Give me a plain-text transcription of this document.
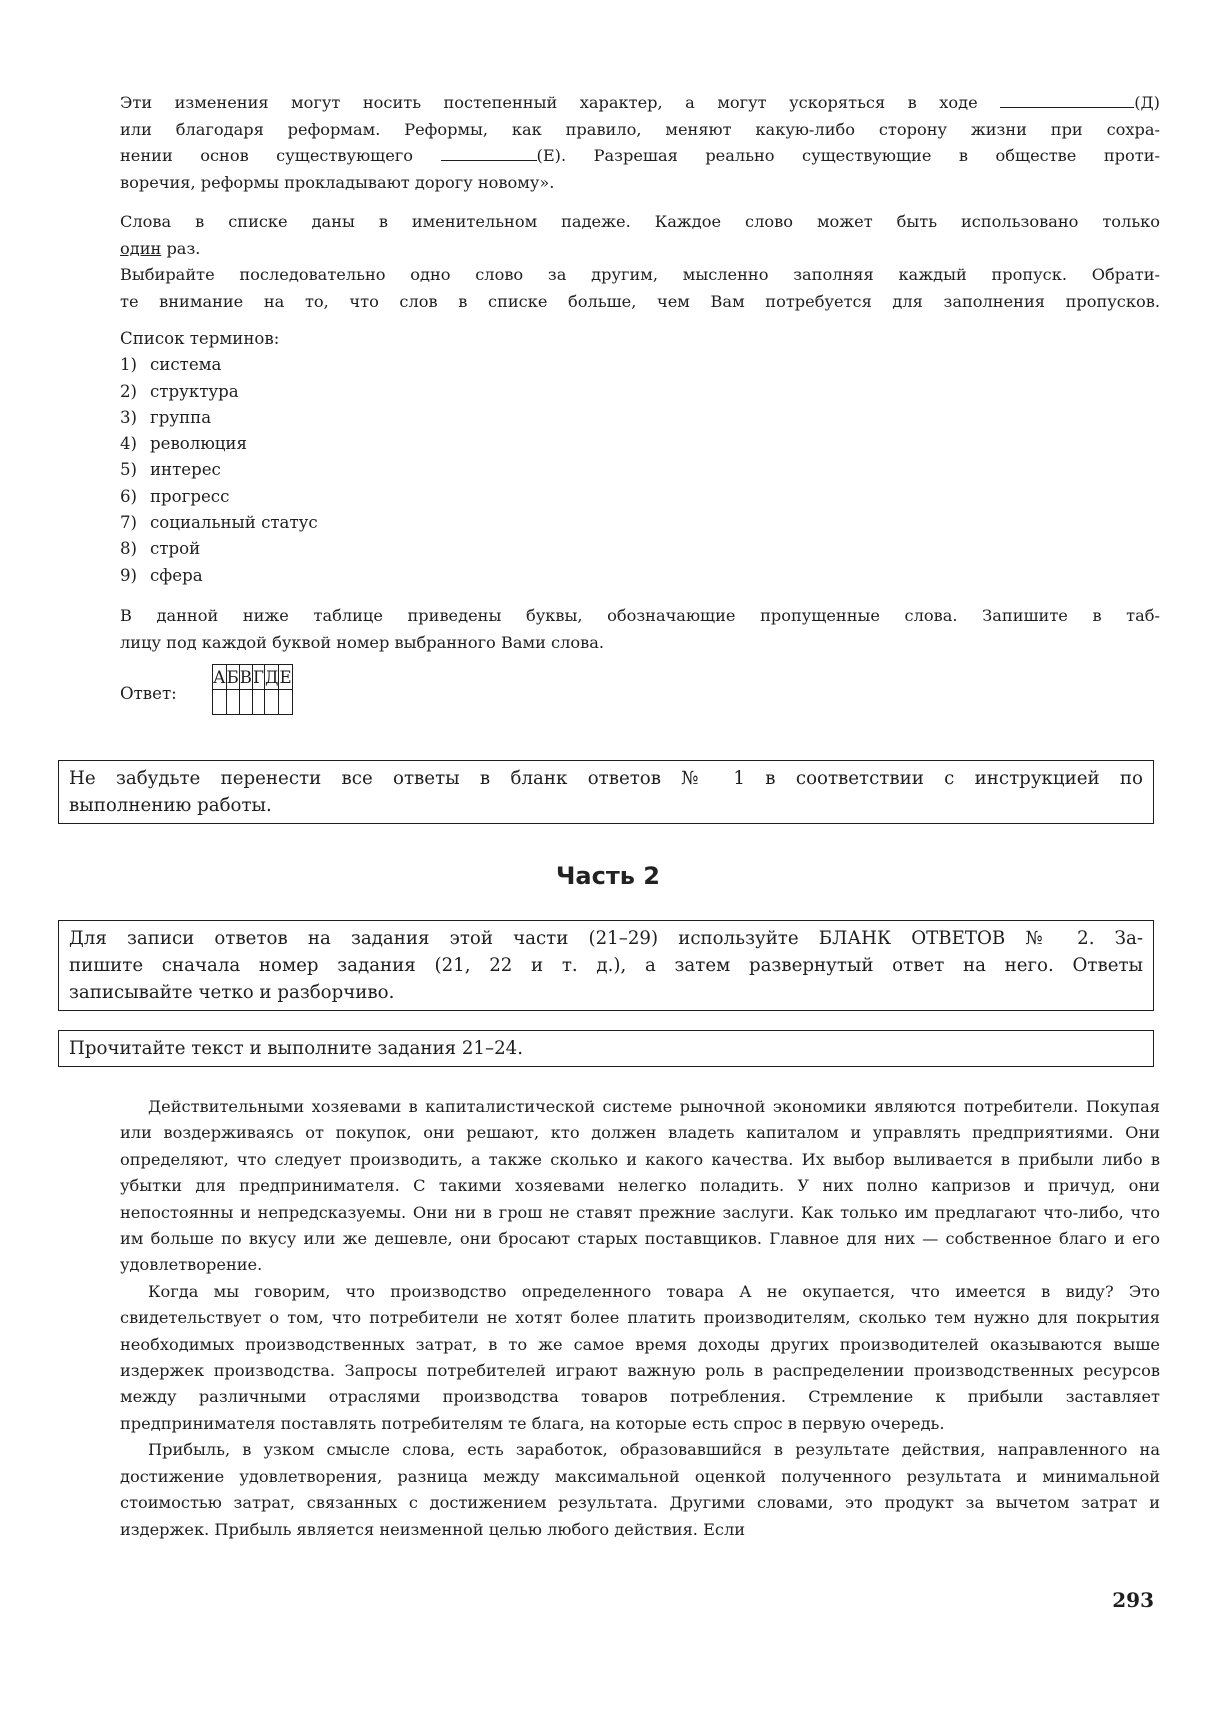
Эти изменения могут носить постепенный характер, а могут ускоряться в ходе	(Д)

или благодаря реформам. Реформы, как правило, меняют какую-либо сторону жизни при сохра-

нении основ существующего	(Е). Разрешая реально существующие в обществе проти-

воречия, реформы прокладывают дорогу новому».

Слова в списке даны в именительном падеже. Каждое слово может быть использовано только

один раз.

Выбирайте последовательно одно слово за другим, мысленно заполняя каждый пропуск. Обрати-

те внимание на то, что слов в списке больше, чем Вам потребуется для заполнения пропусков.

Список терминов:
1) система
2) структура
3) группа
4) революция
5) интерес
6) прогресс
7) социальный статус
8) строй
9) сфера

В данной ниже таблице приведены буквы, обозначающие пропущенные слова. Запишите в таб-

лицу под каждой буквой номер выбранного Вами слова.

Ответ:
А	Б	В	Г	Д	Е

Не забудьте перенести все ответы в бланк ответов № 1 в соответствии с инструкцией по

выполнению работы.

Часть 2

Для записи ответов на задания этой части (21–29) используйте БЛАНК ОТВЕТОВ № 2. За-

пишите сначала номер задания (21, 22 и т. д.), а затем развернутый ответ на него. Ответы

записывайте четко и разборчиво.

Прочитайте текст и выполните задания 21–24.

Действительными хозяевами в капиталистической системе рыночной экономики являются потребители. Покупая или воздерживаясь от покупок, они решают, кто должен владеть капиталом и управлять предприятиями. Они определяют, что следует производить, а также сколько и какого качества. Их выбор выливается в прибыли либо в убытки для предпринимателя. С такими хозяевами нелегко поладить. У них полно капризов и причуд, они непостоянны и непредсказуемы. Они ни в грош не ставят прежние заслуги. Как только им предлагают что-либо, что им больше по вкусу или же дешевле, они бросают старых поставщиков. Главное для них — собственное благо и его удовлетворение.

Когда мы говорим, что производство определенного товара А не окупается, что имеется в виду? Это свидетельствует о том, что потребители не хотят более платить производителям, сколько тем нужно для покрытия необходимых производственных затрат, в то же самое время доходы других производителей оказываются выше издержек производства. Запросы потребителей играют важную роль в распределении производственных ресурсов между различными отраслями производства товаров потребления. Стремление к прибыли заставляет предпринимателя поставлять потребителям те блага, на которые есть спрос в первую очередь.

Прибыль, в узком смысле слова, есть заработок, образовавшийся в результате действия, направленного на достижение удовлетворения, разница между максимальной оценкой полученного результата и минимальной стоимостью затрат, связанных с достижением результата. Другими словами, это продукт за вычетом затрат и издержек. Прибыль является неизменной целью любого действия. Если

293
